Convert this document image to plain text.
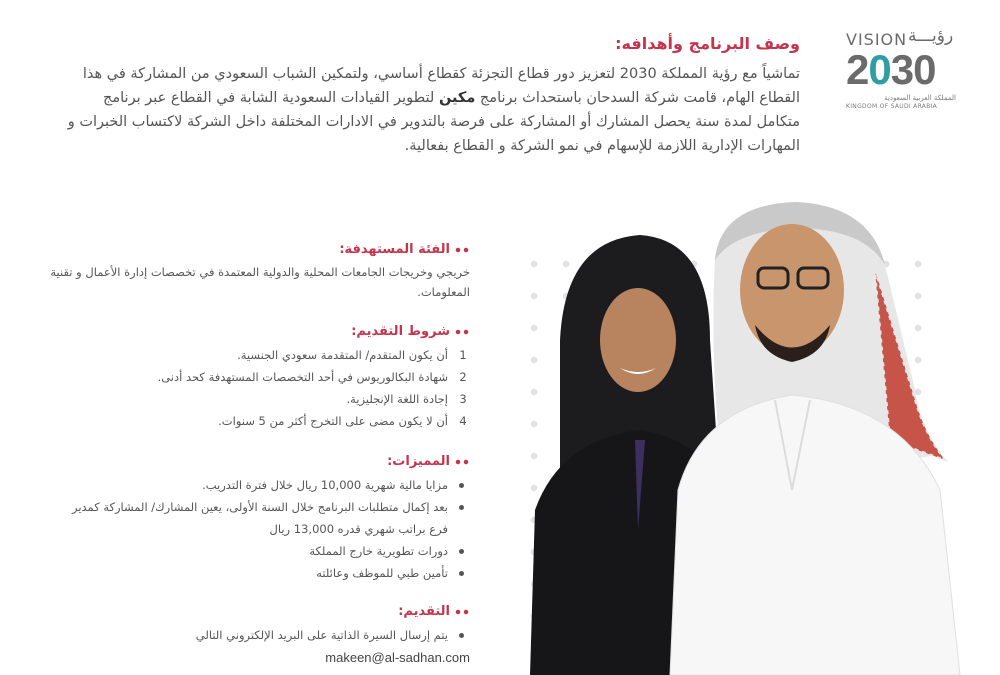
VISION رؤيـــة
2030
المملكة العربية السعودية
KINGDOM OF SAUDI ARABIA
وصف البرنامج وأهدافه:
تماشياً مع رؤية المملكة 2030 لتعزيز دور قطاع التجزئة كقطاع أساسي، ولتمكين الشباب السعودي من المشاركة في هذا القطاع الهام، قامت شركة السدحان باستحداث برنامج مكين لتطوير القيادات السعودية الشابة في القطاع عبر برنامج متكامل لمدة سنة يحصل المشارك أو المشاركة على فرصة بالتدوير في الادارات المختلفة داخل الشركة لاكتساب الخبرات و المهارات الإدارية اللازمة للإسهام في نمو الشركة و القطاع بفعالية.
الفئة المستهدفة:
خريجي وخريجات الجامعات المحلية والدولية المعتمدة في تخصصات إدارة الأعمال و تقنية المعلومات.
شروط التقديم:
1
أن يكون المتقدم/ المتقدمة سعودي الجنسية.
2
شهادة البكالوريوس في أحد التخصصات المستهدفة كحد أدنى.
3
إجادة اللغة الإنجليزية.
4
أن لا يكون مضى على التخرج أكثر من 5 سنوات.
المميزات:
مزايا مالية شهرية 10,000 ريال خلال فترة التدريب.
بعد إكمال متطلبات البرنامج خلال السنة الأولى، يعين المشارك/ المشاركة كمدير فرع براتب شهري قدره 13,000 ريال
دورات تطويرية خارج المملكة
تأمين طبي للموظف وعائلته
التقديم:
يتم إرسال السيرة الذاتية على البريد الإلكتروني التالي
makeen@al-sadhan.com
